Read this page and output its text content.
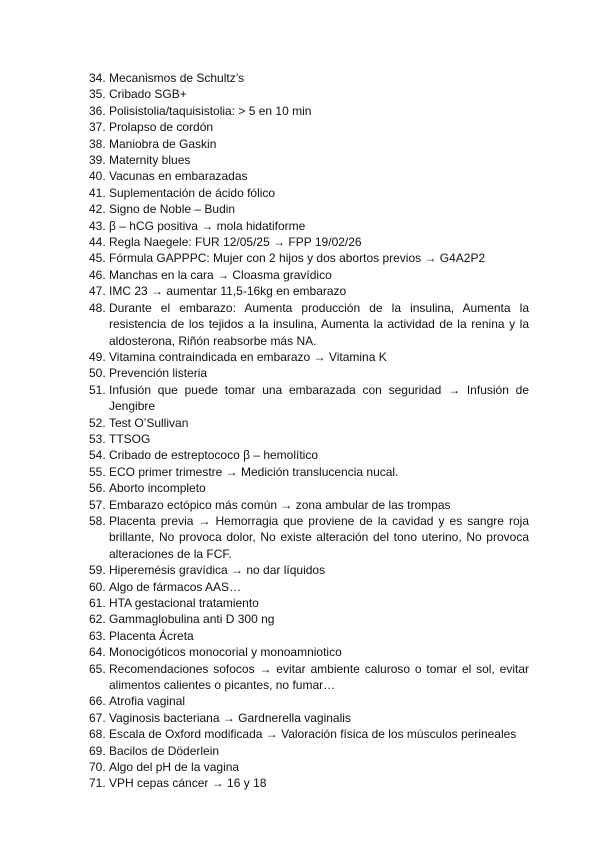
34. Mecanismos de Schultz’s
35. Cribado SGB+
36. Polisistolia/taquisistolia: > 5 en 10 min
37. Prolapso de cordón
38. Maniobra de Gaskin
39. Maternity blues
40. Vacunas en embarazadas
41. Suplementación de ácido fólico
42. Signo de Noble – Budin
43. β – hCG positiva → mola hidatiforme
44. Regla Naegele: FUR 12/05/25 → FPP 19/02/26
45. Fórmula GAPPPC: Mujer con 2 hijos y dos abortos previos → G4A2P2
46. Manchas en la cara → Cloasma gravídico
47. IMC 23 → aumentar 11,5-16kg en embarazo
48. Durante el embarazo: Aumenta producción de la insulina, Aumenta la resistencia de los tejidos a la insulina, Aumenta la actividad de la renina y la aldosterona, Riñón reabsorbe más NA.
49. Vitamina contraindicada en embarazo → Vitamina K
50. Prevención listeria
51. Infusión que puede tomar una embarazada con seguridad → Infusión de Jengibre
52. Test O’Sullivan
53. TTSOG
54. Cribado de estreptococo β – hemolítico
55. ECO primer trimestre → Medición translucencia nucal.
56. Aborto incompleto
57. Embarazo ectópico más común → zona ambular de las trompas
58. Placenta previa → Hemorragia que proviene de la cavidad y es sangre roja brillante, No provoca dolor, No existe alteración del tono uterino, No provoca alteraciones de la FCF.
59. Hiperemésis gravídica → no dar líquidos
60. Algo de fármacos AAS…
61. HTA gestacional tratamiento
62. Gammaglobulina anti D 300 ng
63. Placenta Ácreta
64. Monocigóticos monocorial y monoamniotico
65. Recomendaciones sofocos → evitar ambiente caluroso o tomar el sol, evitar alimentos calientes o picantes, no fumar…
66. Atrofia vaginal
67. Vaginosis bacteriana → Gardnerella vaginalis
68. Escala de Oxford modificada → Valoración física de los músculos perineales
69. Bacilos de Döderlein
70. Algo del pH de la vagina
71. VPH cepas cáncer → 16 y 18
